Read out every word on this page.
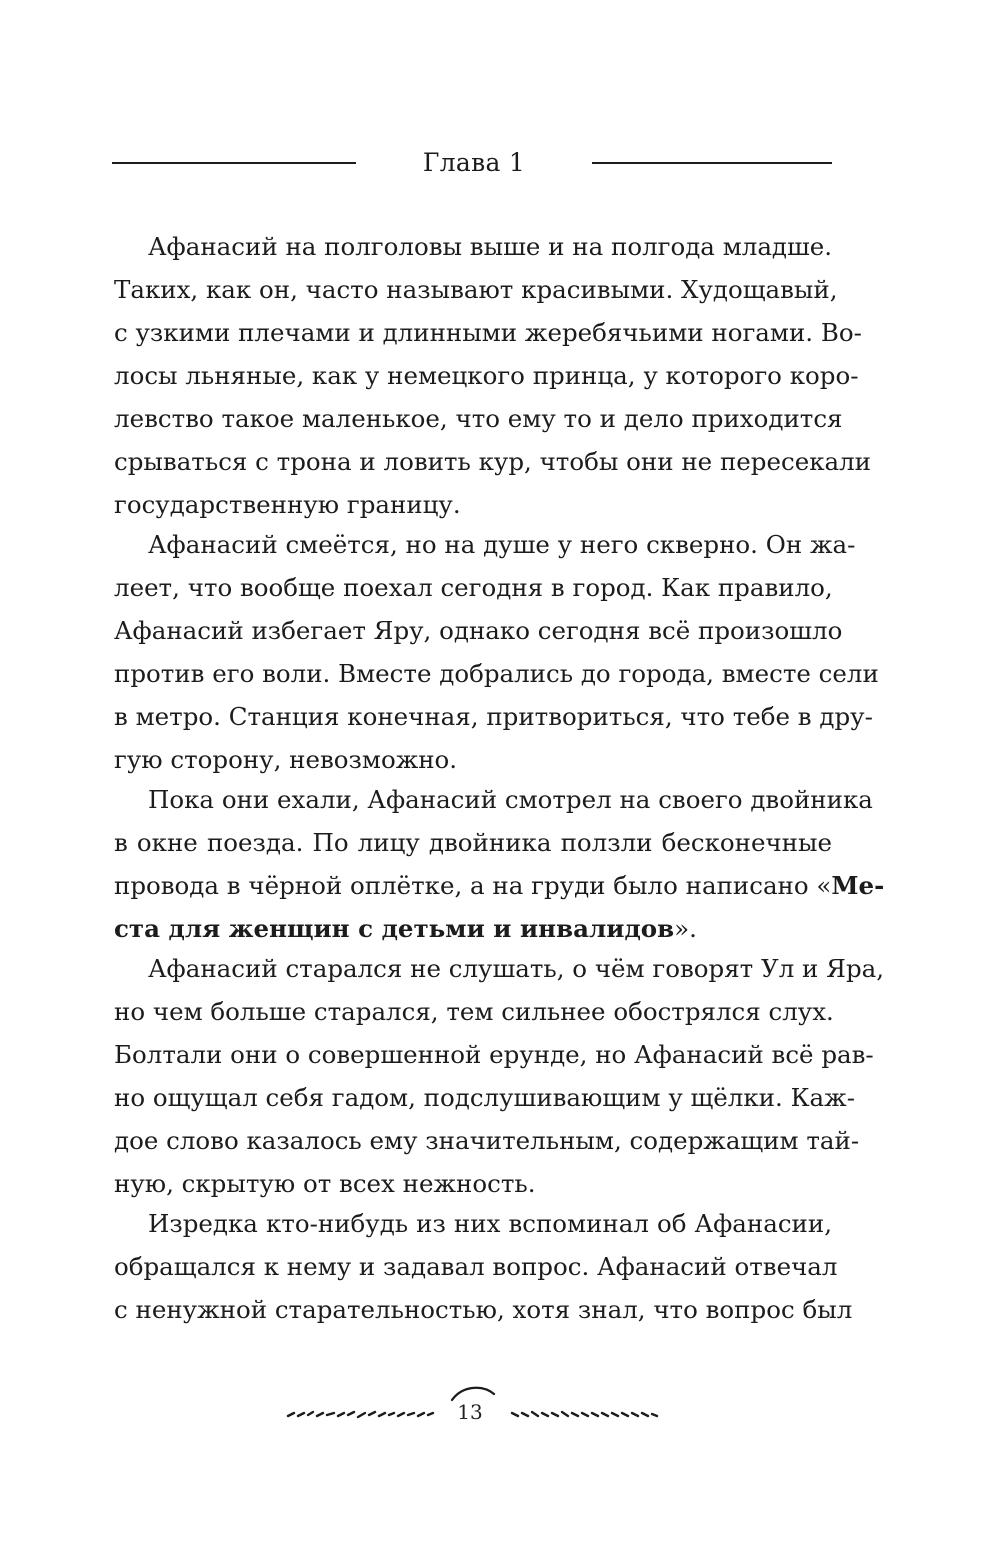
Глава 1
Афанасий на полголовы выше и на полгода младше.
Таких, как он, часто называют красивыми. Худощавый,
с узкими плечами и длинными жеребячьими ногами. Во-
лосы льняные, как у немецкого принца, у которого коро-
левство такое маленькое, что ему то и дело приходится
срываться с трона и ловить кур, чтобы они не пересекали
государственную границу.
Афанасий смеётся, но на душе у него скверно. Он жа-
леет, что вообще поехал сегодня в город. Как правило,
Афанасий избегает Яру, однако сегодня всё произошло
против его воли. Вместе добрались до города, вместе сели
в метро. Станция конечная, притвориться, что тебе в дру-
гую сторону, невозможно.
Пока они ехали, Афанасий смотрел на своего двойника
в окне поезда. По лицу двойника ползли бесконечные
провода в чёрной оплётке, а на груди было написано «Ме-
ста для женщин с детьми и инвалидов».
Афанасий старался не слушать, о чём говорят Ул и Яра,
но чем больше старался, тем сильнее обострялся слух.
Болтали они о совершенной ерунде, но Афанасий всё рав-
но ощущал себя гадом, подслушивающим у щёлки. Каж-
дое слово казалось ему значительным, содержащим тай-
ную, скрытую от всех нежность.
Изредка кто-нибудь из них вспоминал об Афанасии,
обращался к нему и задавал вопрос. Афанасий отвечал
с ненужной старательностью, хотя знал, что вопрос был
13
